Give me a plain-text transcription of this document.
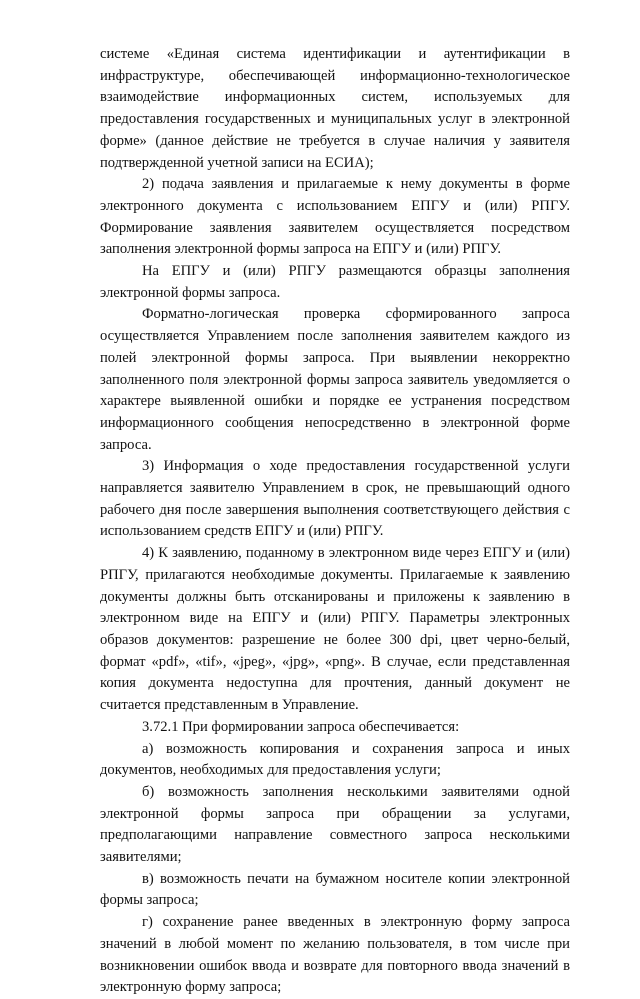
системе «Единая система идентификации и аутентификации в инфраструктуре, обеспечивающей информационно-технологическое взаимодействие информационных систем, используемых для предоставления государственных и муниципальных услуг в электронной форме» (данное действие не требуется в случае наличия у заявителя подтвержденной учетной записи на ЕСИА);

2) подача заявления и прилагаемые к нему документы в форме электронного документа с использованием ЕПГУ и (или) РПГУ. Формирование заявления заявителем осуществляется посредством заполнения электронной формы запроса на ЕПГУ и (или) РПГУ.

На ЕПГУ и (или) РПГУ размещаются образцы заполнения электронной формы запроса.

Форматно-логическая проверка сформированного запроса осуществляется Управлением после заполнения заявителем каждого из полей электронной формы запроса. При выявлении некорректно заполненного поля электронной формы запроса заявитель уведомляется о характере выявленной ошибки и порядке ее устранения посредством информационного сообщения непосредственно в электронной форме запроса.

3) Информация о ходе предоставления государственной услуги направляется заявителю Управлением в срок, не превышающий одного рабочего дня после завершения выполнения соответствующего действия с использованием средств ЕПГУ и (или) РПГУ.

4) К заявлению, поданному в электронном виде через ЕПГУ и (или) РПГУ, прилагаются необходимые документы. Прилагаемые к заявлению документы должны быть отсканированы и приложены к заявлению в электронном виде на ЕПГУ и (или) РПГУ. Параметры электронных образов документов: разрешение не более 300 dpi, цвет черно-белый, формат «pdf», «tif», «jpeg», «jpg», «png». В случае, если представленная копия документа недоступна для прочтения, данный документ не считается представленным в Управление.

3.72.1 При формировании запроса обеспечивается:

а) возможность копирования и сохранения запроса и иных документов, необходимых для предоставления услуги;

б) возможность заполнения несколькими заявителями одной электронной формы запроса при обращении за услугами, предполагающими направление совместного запроса несколькими заявителями;

в) возможность печати на бумажном носителе копии электронной формы запроса;

г) сохранение ранее введенных в электронную форму запроса значений в любой момент по желанию пользователя, в том числе при возникновении ошибок ввода и возврате для повторного ввода значений в электронную форму запроса;
